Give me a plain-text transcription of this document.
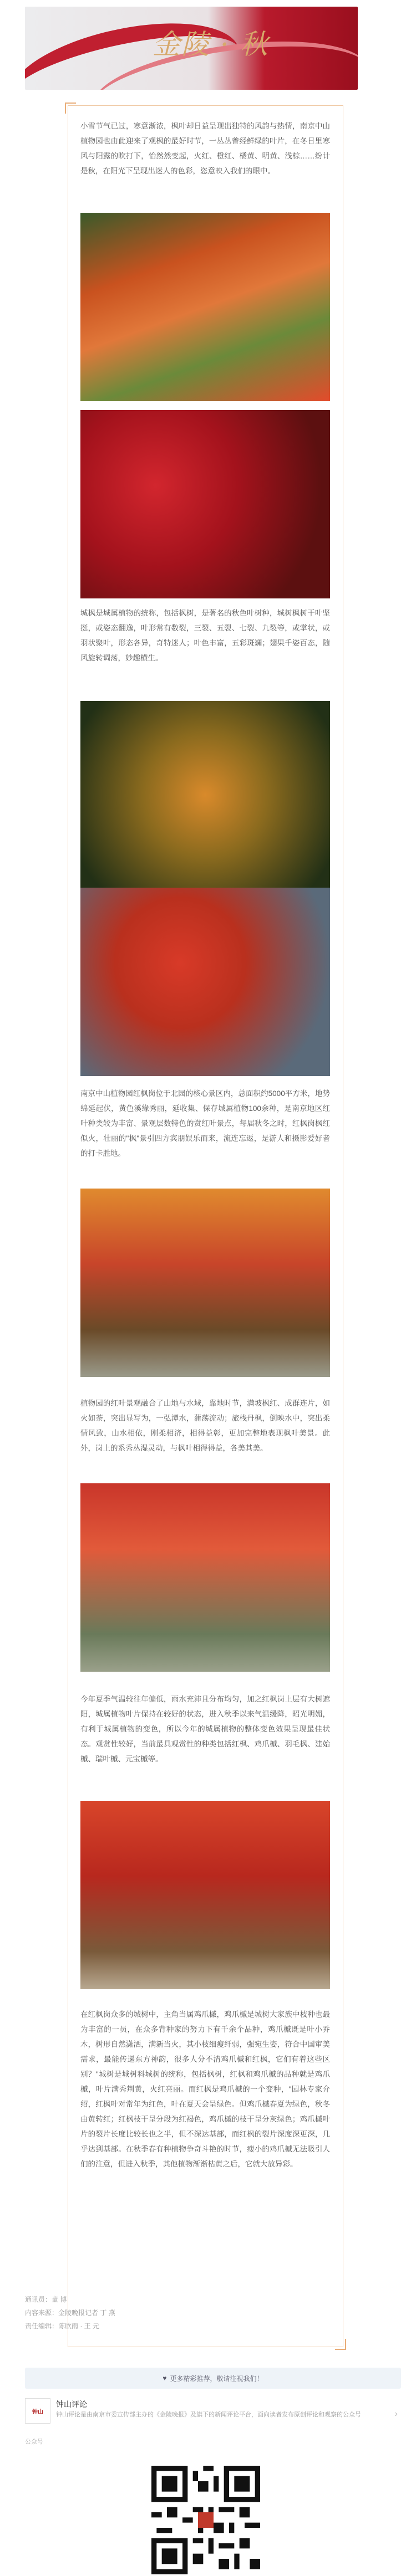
金陵 · 秋
小雪节气已过，寒意渐浓，枫叶却日益呈现出独特的风韵与热情，南京中山植物园也由此迎来了观枫的最好时节，一丛丛曾经鲜绿的叶片，在冬日里寒风与阳露的吹打下，怡然然变起，火红、橙红、橘黄、明黄、浅棕……纷计是秋，在阳光下呈现出迷人的色彩，恣意映入我们的眼中。
城枫是城属植物的统称，包括枫树，是著名的秋色叶树种，城树枫树干叶坚挺，或姿态翻逸，叶形常有数裂，三裂、五裂、七裂、九裂等，或掌状，或羽状聚叶，形态各异，奇特迷人；叶色丰富，五彩斑斓；翅果千姿百态，随风旋转调荡，妙趣横生。
南京中山植物园红枫岗位于北园的核心景区内，总面积约5000平方米，地势绵延起伏，黄色溪缘秀丽，延收集、保存城属植物100余种，是南京地区红叶种类较为丰富、景观层数特色的赏红叶景点，每届秋冬之时，红枫岗枫红似火，壮丽的"枫"景引四方宾朋娱乐而来，流连忘返，是游人和摄影爱好者的打卡胜地。
植物园的红叶景观融合了山地与水域，靠地时节，满坡枫红、成群连片，如火如荼，突出显写为，一弘潭水，蒲荡流动；旅栈丹枫，倒映水中，突出柔情风致，山水相依，刚柔相济，相得益彰，更加完整地表现枫叶美景。此外，岗上的系秀丛湿灵动，与枫叶相得得益，各美其美。
今年夏季气温较往年偏低，雨水充沛且分布均匀，加之红枫岗上层有大树遮阳，城属植物叶片保持在较好的状态，进入秋季以来气温缓降，昭光明媚，有利于城属植物的变色，所以今年的城属植物的整体变色效果呈现最佳状态。观赏性较好，当前最具观赏性的种类包括红枫、鸡爪槭、羽毛枫、建始槭、瑞叶槭、元宝槭等。
在红枫岗众多的城树中，主角当属鸡爪槭，鸡爪槭是城树大家族中枝种也最为丰富的一员，在众多背种家的努力下有千余个品种，鸡爪槭既是叶小乔木，树形自然潇洒，满新当火，其小枝细瘦纤弱，强宛生姿，符合中国审美需求，最能传递东方神韵，很多人分不清鸡爪槭和红枫，它们有着这些区别？"城树是城树科城树的统称，包括枫树，红枫和鸡爪槭的品种就是鸡爪槭，叶片满秀荆黄，火红亮丽。而红枫是鸡爪槭的一个变种，"园林专家介绍，红枫叶对常年为红色，叶在夏天会呈绿色。但鸡爪槭春夏为绿色，秋冬由黄转红；红枫枝干呈分段为红褐色，鸡爪槭的枝干呈分灰绿色；鸡爪槭叶片的裂片长度比较长也之半，但不深达基部，而红枫的裂片深度深更深，几乎达到基部。在秋季春有种植物争奇斗艳的时节，瘦小的鸡爪槭无法吸引人们的注意，但进入秋季，其他植物渐渐枯黄之后，它就大放异彩。
通讯员：童 博
内容来源：金陵晚报记者 丁 燕
责任编辑：陈欣雨 · 王 元
♥ 更多精彩推荐，敬请注视我们！
钟山
钟山评论
钟山评论是由南京市委宣传部主办的《金陵晚报》及旗下的新闻评论平台，面向读者发布原创评论和观察的公众号	›
公众号
